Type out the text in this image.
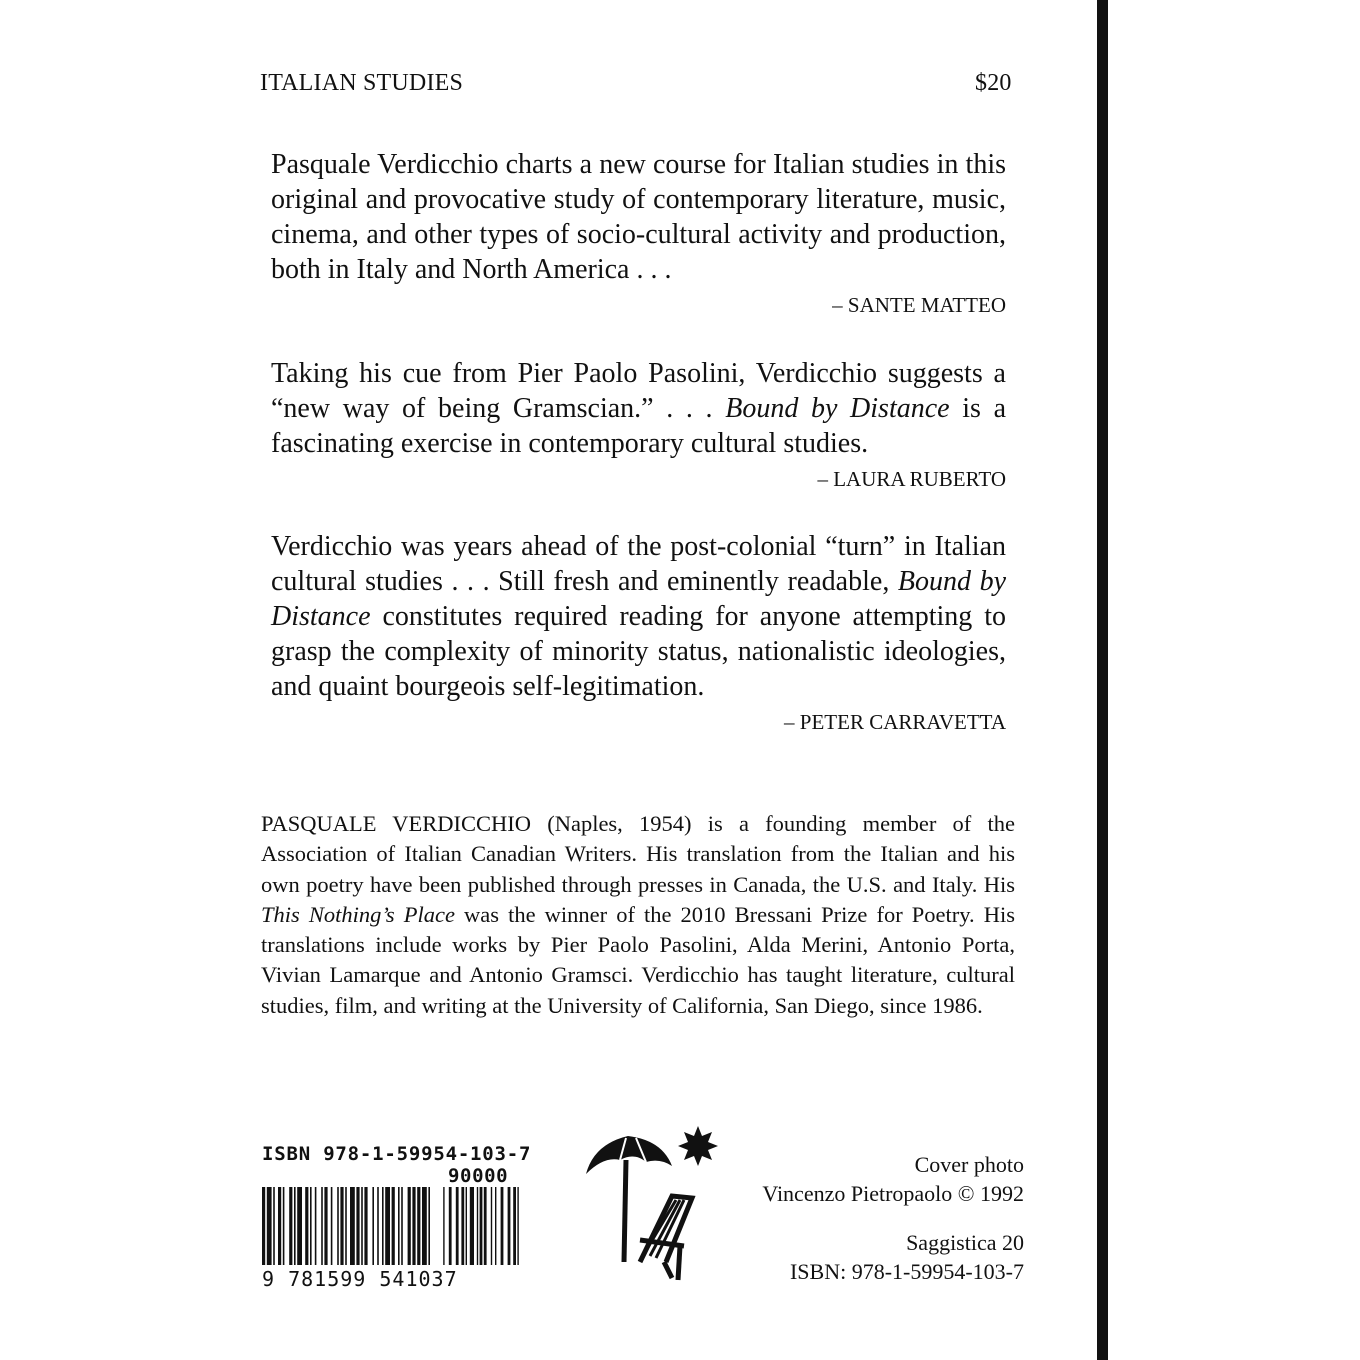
ITALIAN STUDIES	$20
Pasquale Verdicchio charts a new course for Italian studies in this original and provocative study of contemporary literature, music, cinema, and other types of socio-cultural activity and production, both in Italy and North America . . .
– SANTE MATTEO
Taking his cue from Pier Paolo Pasolini, Verdicchio suggests a “new way of being Gramscian.” . . . Bound by Distance is a fascinating exercise in contemporary cultural studies.
– LAURA RUBERTO
Verdicchio was years ahead of the post-colonial “turn” in Italian cultural studies . . . Still fresh and eminently readable, Bound by Distance constitutes required reading for anyone attempting to grasp the complexity of minority status, nationalistic ideologies, and quaint bourgeois self-legitimation.
– PETER CARRAVETTA
PASQUALE VERDICCHIO (Naples, 1954) is a founding member of the Association of Italian Canadian Writers. His translation from the Italian and his own poetry have been published through presses in Canada, the U.S. and Italy. His This Nothing’s Place was the winner of the 2010 Bressani Prize for Poetry. His translations include works by Pier Paolo Pasolini, Alda Merini, Antonio Porta, Vivian Lamarque and Antonio Gramsci. Verdicchio has taught literature, cultural studies, film, and writing at the University of California, San Diego, since 1986.
ISBN 978-1-59954-103-7
90000
9 781599 541037
Cover photo
Vincenzo Pietropaolo © 1992
Saggistica 20
ISBN: 978-1-59954-103-7
